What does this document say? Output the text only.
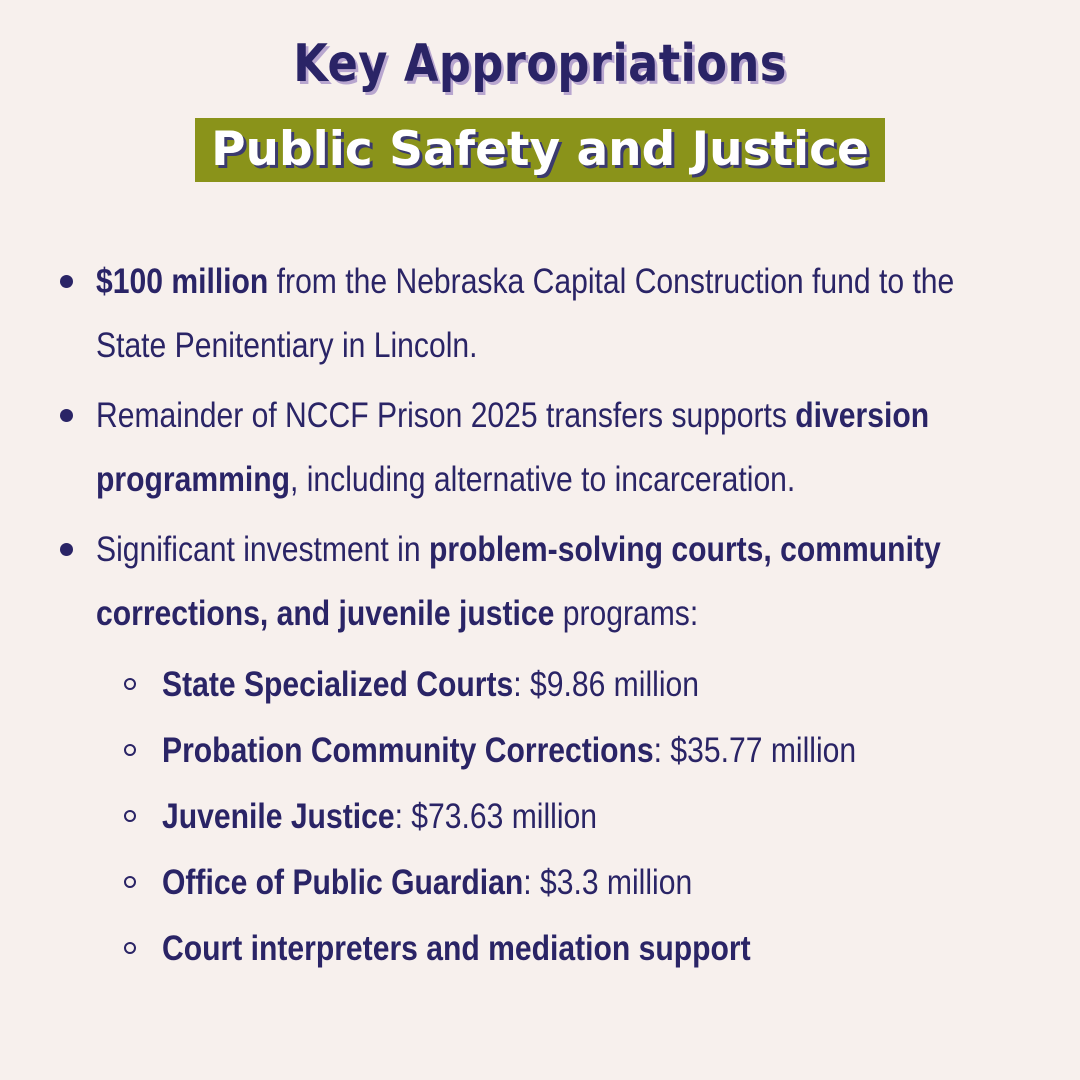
Key Appropriations
Public Safety and Justice
$100 million from the Nebraska Capital Construction fund to the
State Penitentiary in Lincoln.
Remainder of NCCF Prison 2025 transfers supports diversion
programming, including alternative to incarceration.
Significant investment in problem-solving courts, community
corrections, and juvenile justice programs:
State Specialized Courts: $9.86 million
Probation Community Corrections: $35.77 million
Juvenile Justice: $73.63 million
Office of Public Guardian: $3.3 million
Court interpreters and mediation support
